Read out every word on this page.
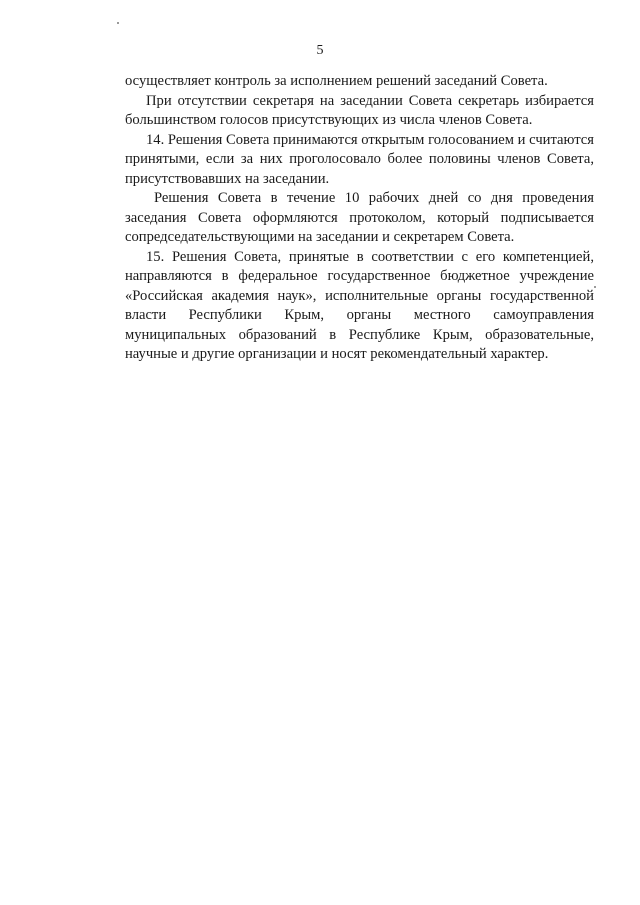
5

осуществляет контроль за исполнением решений заседаний Совета.

При отсутствии секретаря на заседании Совета секретарь избирается большинством голосов присутствующих из числа членов Совета.

14. Решения Совета принимаются открытым голосованием и считаются принятыми, если за них проголосовало более половины членов Совета, присутствовавших на заседании.

Решения Совета в течение 10 рабочих дней со дня проведения заседания Совета оформляются протоколом, который подписывается сопредседательствующими на заседании и секретарем Совета.

15. Решения Совета, принятые в соответствии с его компетенцией, направляются в федеральное государственное бюджетное учреждение «Российская академия наук», исполнительные органы государственной власти Республики Крым, органы местного самоуправления муниципальных образований в Республике Крым, образовательные, научные и другие организации и носят рекомендательный характер.
